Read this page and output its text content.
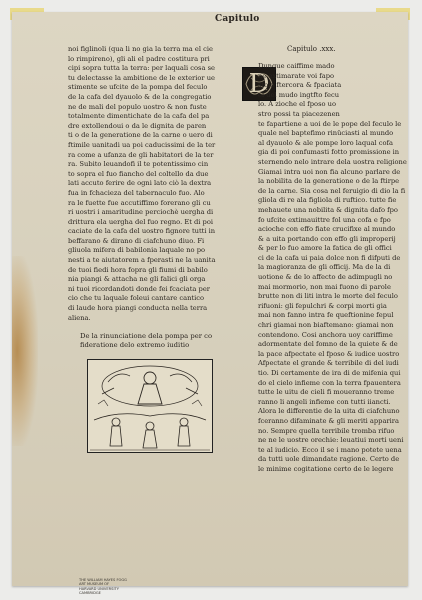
Capitulo
Capitulo .xxx.
noi figlinoli (qua li no gia la terra ma el cie
lo rimpireno), gli ali el padre costitura pri
cipi sopra tutta la terra: per laquali cosa se
tu delectasse la ambitione de le exterior ue
stimente se ufcite de la pompa del feculo
de la cafa del dyauolo & de la congregatio
ne de mali del populo uostro & non fuste
totalmente dimentichate de la cafa del pa
dre extollendoui o da le dignita de paren
ti o de la generatione de la carne o uero di
ftimile uanitadi ua poi caducissimi de la ter
ra come a ufanza de gli habitatori de la ter
ra. Subito leuandofi il te potentissimo cin
to sopra el fuo fiancho del coltello da due
lati accuto ferire de ogni lato ciò la dextra
fua in fchacieza del tabernaculo fuo. Alo
ra le fuette fue accutiffimo forerano gli cu
ri uostri i amaritudine perciochè uergha di
drittura ela uergha del fuo regno. Et di poi
caciate de la cafa del uostro fignore tutti in
beffarano & dirano di ciafchuno diuo. Fi
gliuola mifera di babilonia laquale no po
nesti a te aiutatorem a fperasti ne la uanita
de tuoi fiedi hora fopra gli fiumi di babilo
nia piangi & attacha ne gli falici gli orga
ni tuoi ricordandoti donde fei fcaciata per
cio che tu laquale foleui cantare cantico
di laude hora piangi conducta nella terra
aliena.
D
Dunque caiffime mado
ne extimarate voi fapo
stolo ftercora & fpaciata
el del mudo ingtfto fecu
lo. A zioche el fposo uo
stro possi ta piacezenen
te fapartiene a uoi de le pope del feculo le
quale nel baptefimo rinüciasti al mundo
al dyauolo & ale pompe loro laqual cofa
gia di poi confumasti fotto promissione in
sternendo nelo intrare dela uostra religione
Giamai intra uoi non fia alcuno parlare de
la nobilita de la generatione o de la ftirpe
de la carne. Sia cosa nel feruigio di dio la fi
gliola di re ala figliola di ruftico. tutte fie
mehauete una nobilita & dignita dafo fpo
fo ufcite extimauittre fol una cofa e fpo
acioche con effo fiate crucifixe al mundo
& a uita portando con effo gli improperij
& per lo fuo amore la fatica de gli offici
ci de la cafa ui paia dolce non fi difputi de
la magioranza de gli officij. Ma de la di
uotione & de lo affecto de adimpugli no
mai mormorio, non mai fuono di parole
brutte non di liti intra le morte del feculo
rifuoni: gli fepulchri & corpi morti gia
mai non fanno intra fe queftionine fepul
chri giamai non biaftemano: giamai non
contendono. Cosi anchora uoy cariffime
adormentate del fomno de la quiete & de
la pace afpectate el fposo & iudice uostro
Afpectate el grande & terribile di del iudi
tio. Di certamente de ira di de mifenia qui
do el cielo infieme con la terra fpauentera
tutte le uitu de cieli fi moueranno treme
ranno li angeli infieme con tutti iiancti.
Alora le differentie de la uita di ciafchuno
fceranno difaminate & gli meriti apparira
no. Sempre quella terribile tromba rifuo
ne ne le uostre orechie: leuatiui morti ueni
te al iudicio. Ecco il se i mano potete uena
da tutti uole dimandate ragione. Certo de
le minime cogitatione certo de le legere
De la rinunciatione dela pompa per co
fideratione delo extremo iuditio
THE WILLIAM HAYES FOGG
ART MUSEUM OF
HARVARD UNIVERSITY
CAMBRIDGE
